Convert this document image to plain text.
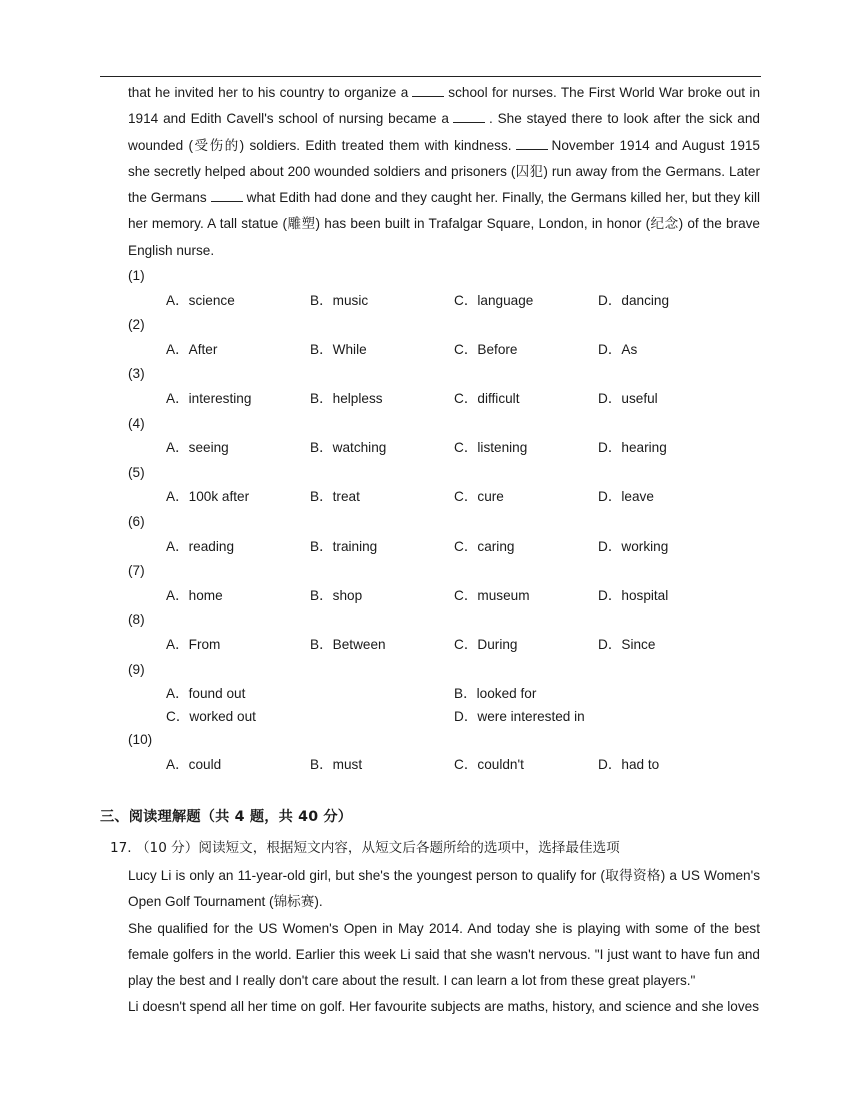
that he invited her to his country to organize a	school for nurses. The First World War broke out in 1914 and Edith Cavell's school of nursing became a	. She stayed there to look after the sick and wounded (受伤的) soldiers. Edith treated them with kindness.	November 1914 and August 1915 she secretly helped about 200 wounded soldiers and prisoners (囚犯) run away from the Germans. Later the Germans	what Edith had done and they caught her. Finally, the Germans killed her, but they kill her memory. A tall statue (雕塑) has been built in Trafalgar Square, London, in honor (纪念) of the brave English nurse.

(1)
A．science	B．music	C．language	D．dancing
(2)
A．After	B．While	C．Before	D．As
(3)
A．interesting	B．helpless	C．difficult	D．useful
(4)
A．seeing	B．watching	C．listening	D．hearing
(5)
A．100k after	B．treat	C．cure	D．leave
(6)
A．reading	B．training	C．caring	D．working
(7)
A．home	B．shop	C．museum	D．hospital
(8)
A．From	B．Between	C．During	D．Since
(9)
A．found out	B．looked for
C．worked out	D．were interested in
(10)
A．could	B．must	C．couldn't	D．had to
三、阅读理解题（共 4 题，共 40 分）
17. （10 分）阅读短文，根据短文内容，从短文后各题所给的选项中，选择最佳选项

Lucy Li is only an 11-year-old girl, but she's the youngest person to qualify for (取得资格) a US Women's Open Golf Tournament (锦标赛).

She qualified for the US Women's Open in May 2014. And today she is playing with some of the best female golfers in the world. Earlier this week Li said that she wasn't nervous. "I just want to have fun and play the best and I really don't care about the result. I can learn a lot from these great players."

Li doesn't spend all her time on golf. Her favourite subjects are maths, history, and science and she loves
